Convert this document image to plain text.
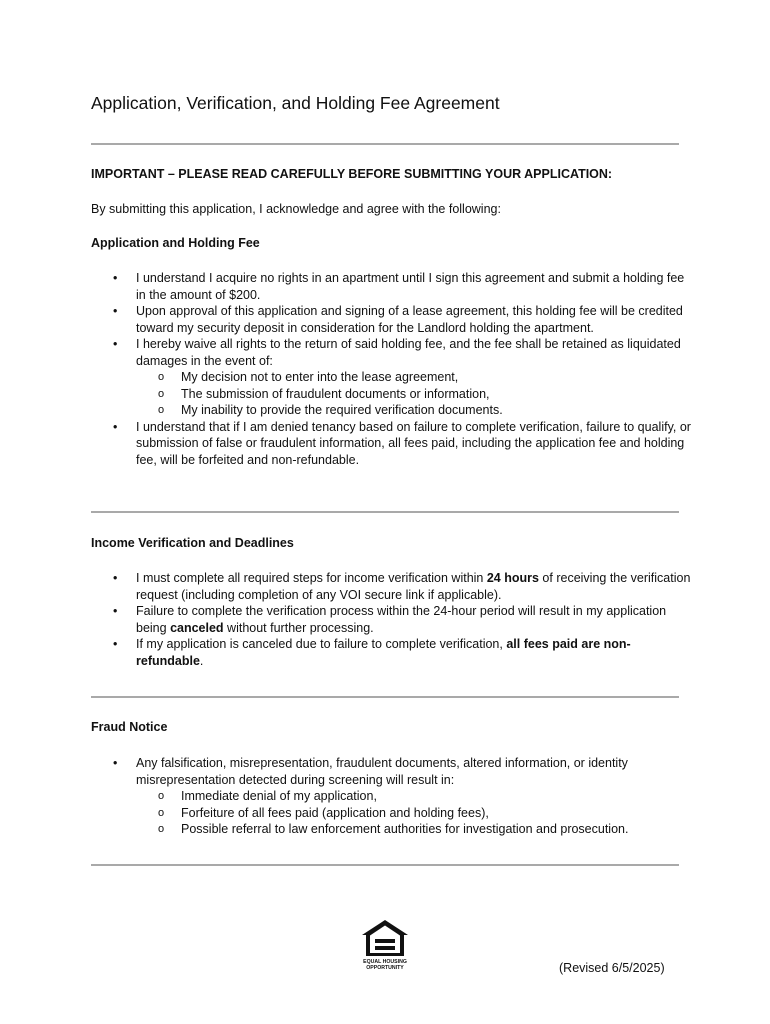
Application, Verification, and Holding Fee Agreement

IMPORTANT – PLEASE READ CAREFULLY BEFORE SUBMITTING YOUR APPLICATION:

By submitting this application, I acknowledge and agree with the following:

Application and Holding Fee

• I understand I acquire no rights in an apartment until I sign this agreement and submit a holding fee in the amount of $200.
• Upon approval of this application and signing of a lease agreement, this holding fee will be credited toward my security deposit in consideration for the Landlord holding the apartment.
• I hereby waive all rights to the return of said holding fee, and the fee shall be retained as liquidated damages in the event of:
o My decision not to enter into the lease agreement,
o The submission of fraudulent documents or information,
o My inability to provide the required verification documents.
• I understand that if I am denied tenancy based on failure to complete verification, failure to qualify, or submission of false or fraudulent information, all fees paid, including the application fee and holding fee, will be forfeited and non-refundable.

Income Verification and Deadlines

• I must complete all required steps for income verification within 24 hours of receiving the verification request (including completion of any VOI secure link if applicable).
• Failure to complete the verification process within the 24-hour period will result in my application being canceled without further processing.
• If my application is canceled due to failure to complete verification, all fees paid are non-refundable.

Fraud Notice

• Any falsification, misrepresentation, fraudulent documents, altered information, or identity misrepresentation detected during screening will result in:
o Immediate denial of my application,
o Forfeiture of all fees paid (application and holding fees),
o Possible referral to law enforcement authorities for investigation and prosecution.
EQUAL HOUSING
OPPORTUNITY	(Revised 6/5/2025)
